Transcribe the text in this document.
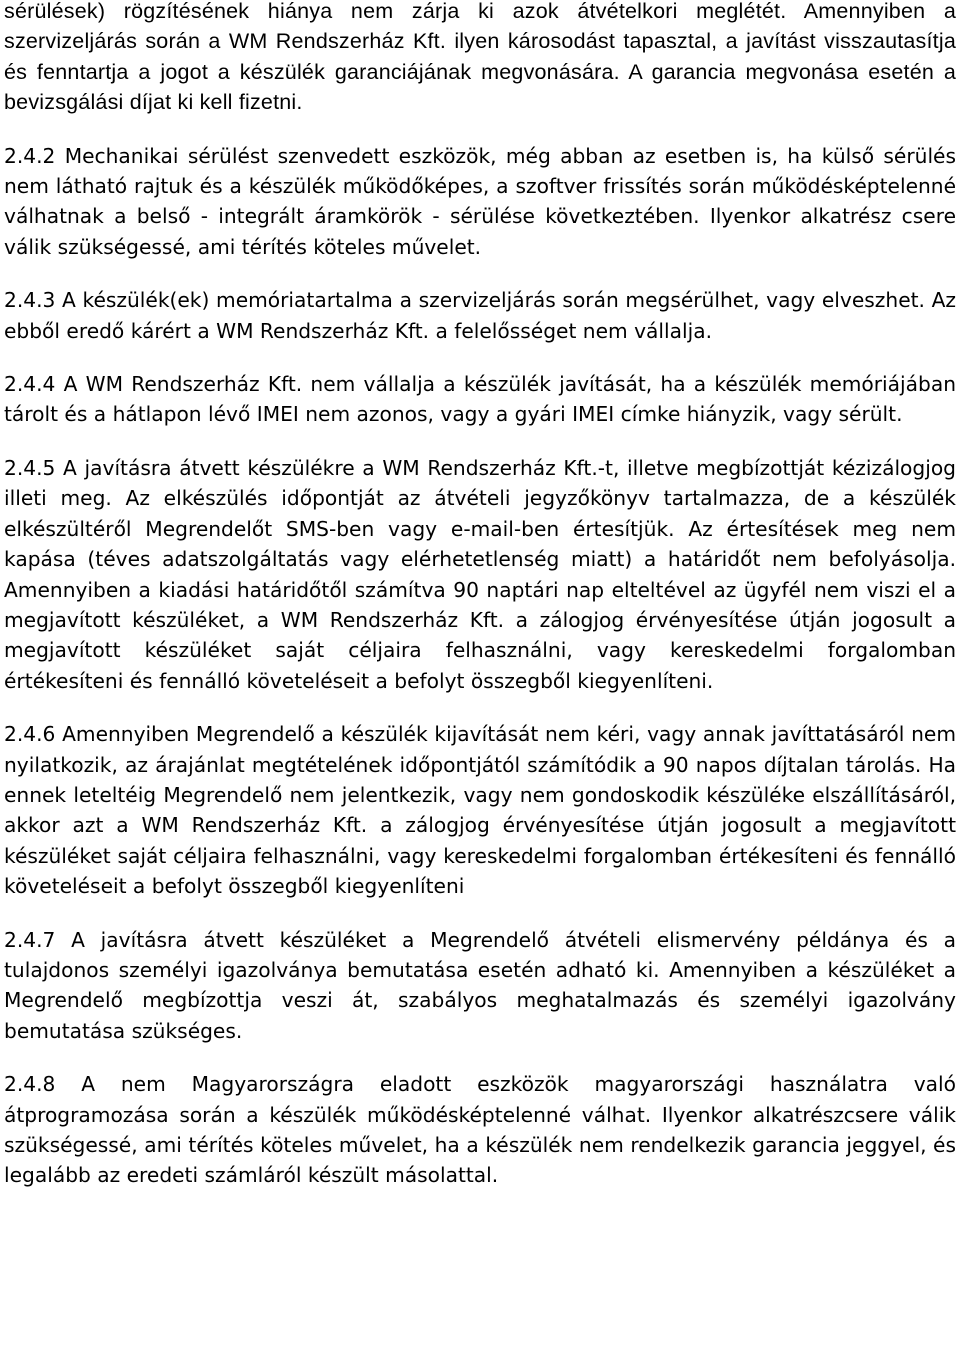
sérülések) rögzítésének hiánya nem zárja ki azok átvételkori meglétét. Amennyiben a szervizeljárás során a WM Rendszerház Kft. ilyen károsodást tapasztal, a javítást visszautasítja és fenntartja a jogot a készülék garanciájának megvonására. A garancia megvonása esetén a bevizsgálási díjat ki kell fizetni.

2.4.2 Mechanikai sérülést szenvedett eszközök, még abban az esetben is, ha külső sérülés nem látható rajtuk és a készülék működőképes, a szoftver frissítés során működésképtelenné válhatnak a belső - integrált áramkörök - sérülése következtében. Ilyenkor alkatrész csere válik szükségessé, ami térítés köteles művelet.

2.4.3 A készülék(ek) memóriatartalma a szervizeljárás során megsérülhet, vagy elveszhet. Az ebből eredő kárért a WM Rendszerház Kft. a felelősséget nem vállalja.

2.4.4 A WM Rendszerház Kft. nem vállalja a készülék javítását, ha a készülék memóriájában tárolt és a hátlapon lévő IMEI nem azonos, vagy a gyári IMEI címke hiányzik, vagy sérült.

2.4.5 A javításra átvett készülékre a WM Rendszerház Kft.-t, illetve megbízottját kézizálogjog illeti meg. Az elkészülés időpontját az átvételi jegyzőkönyv tartalmazza, de a készülék elkészültéről Megrendelőt SMS-ben vagy e-mail-ben értesítjük. Az értesítések meg nem kapása (téves adatszolgáltatás vagy elérhetetlenség miatt) a határidőt nem befolyásolja. Amennyiben a kiadási határidőtől számítva 90 naptári nap elteltével az ügyfél nem viszi el a megjavított készüléket, a WM Rendszerház Kft. a zálogjog érvényesítése útján jogosult a megjavított készüléket saját céljaira felhasználni, vagy kereskedelmi forgalomban értékesíteni és fennálló követeléseit a befolyt összegből kiegyenlíteni.

2.4.6 Amennyiben Megrendelő a készülék kijavítását nem kéri, vagy annak javíttatásáról nem nyilatkozik, az árajánlat megtételének időpontjától számítódik a 90 napos díjtalan tárolás. Ha ennek leteltéig Megrendelő nem jelentkezik, vagy nem gondoskodik készüléke elszállításáról, akkor azt a WM Rendszerház Kft. a zálogjog érvényesítése útján jogosult a megjavított készüléket saját céljaira felhasználni, vagy kereskedelmi forgalomban értékesíteni és fennálló követeléseit a befolyt összegből kiegyenlíteni

2.4.7 A javításra átvett készüléket a Megrendelő átvételi elismervény példánya és a tulajdonos személyi igazolványa bemutatása esetén adható ki. Amennyiben a készüléket a Megrendelő megbízottja veszi át, szabályos meghatalmazás és személyi igazolvány bemutatása szükséges.

2.4.8 A nem Magyarországra eladott eszközök magyarországi használatra való átprogramozása során a készülék működésképtelenné válhat. Ilyenkor alkatrészcsere válik szükségessé, ami térítés köteles művelet, ha a készülék nem rendelkezik garancia jeggyel, és legalább az eredeti számláról készült másolattal.
